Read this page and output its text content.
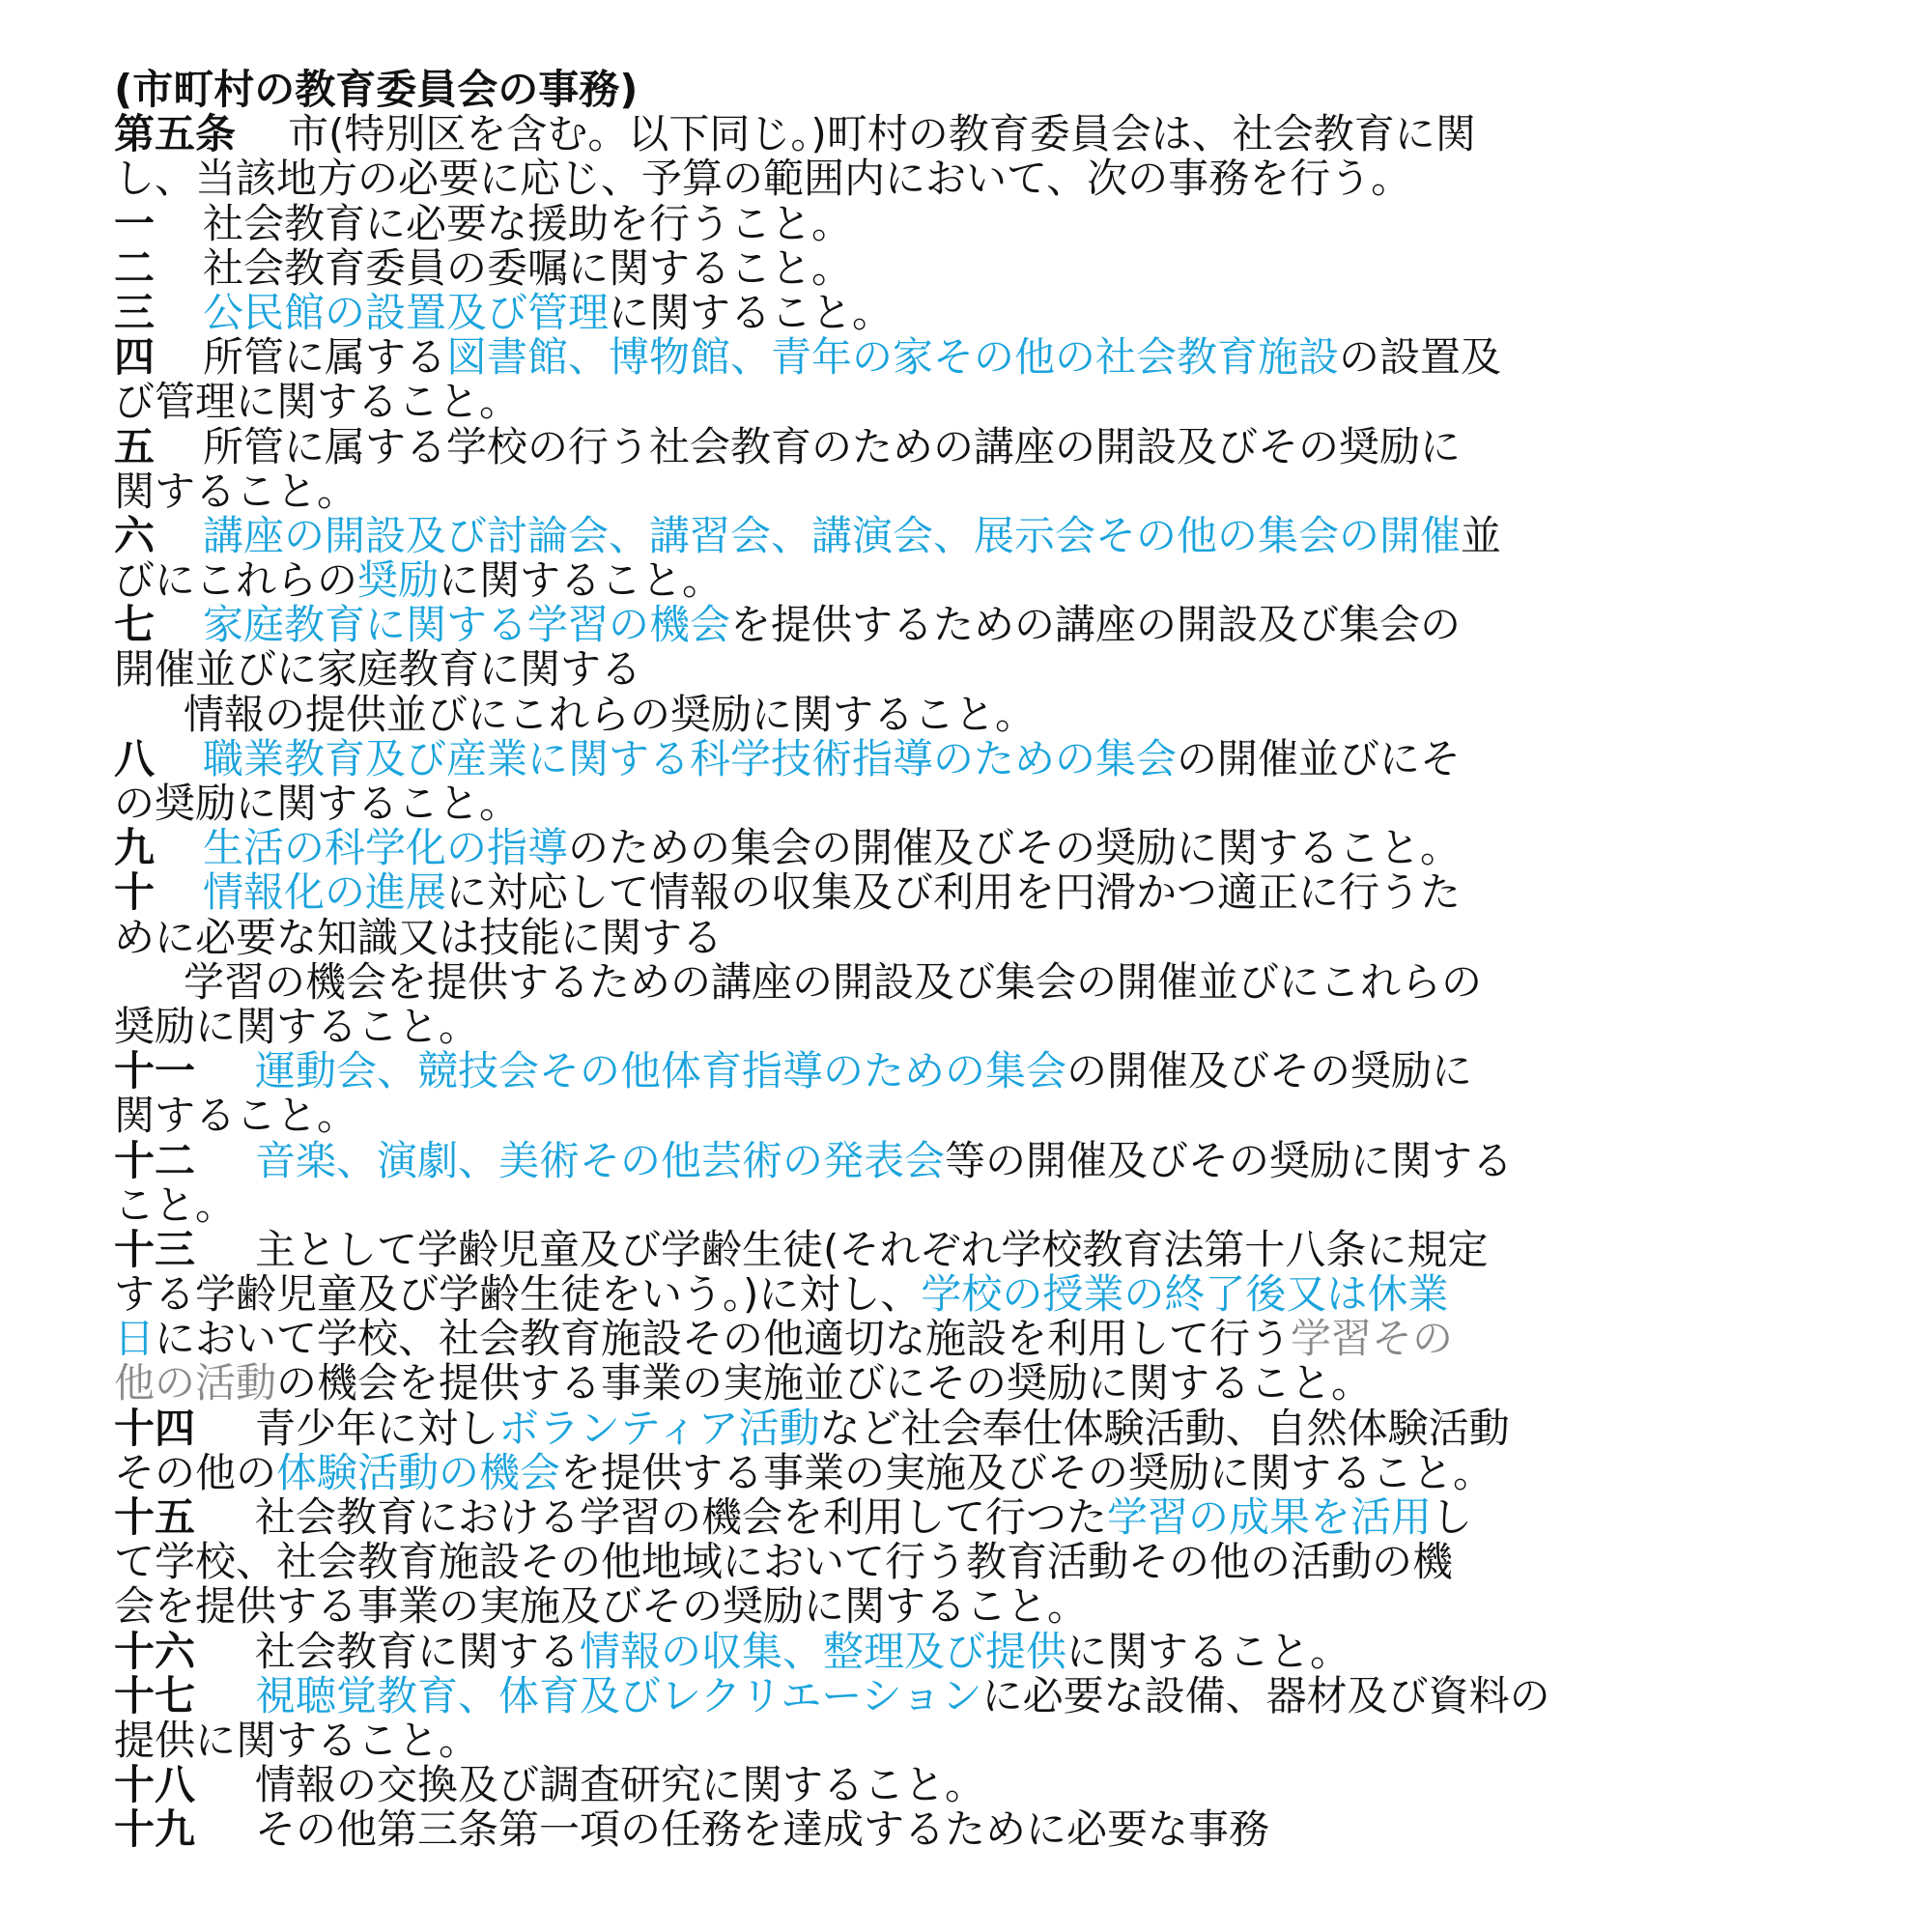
(市町村の教育委員会の事務)
第五条 市(特別区を含む。以下同じ。)町村の教育委員会は、社会教育に関
し、当該地方の必要に応じ、予算の範囲内において、次の事務を行う。
一 社会教育に必要な援助を行うこと。
二 社会教育委員の委嘱に関すること。
三 公民館の設置及び管理に関すること。
四 所管に属する図書館、博物館、青年の家その他の社会教育施設の設置及
び管理に関すること。
五 所管に属する学校の行う社会教育のための講座の開設及びその奨励に
関すること。
六 講座の開設及び討論会、講習会、講演会、展示会その他の集会の開催並
びにこれらの奨励に関すること。
七 家庭教育に関する学習の機会を提供するための講座の開設及び集会の
開催並びに家庭教育に関する
情報の提供並びにこれらの奨励に関すること。
八 職業教育及び産業に関する科学技術指導のための集会の開催並びにそ
の奨励に関すること。
九 生活の科学化の指導のための集会の開催及びその奨励に関すること。
十 情報化の進展に対応して情報の収集及び利用を円滑かつ適正に行うた
めに必要な知識又は技能に関する
学習の機会を提供するための講座の開設及び集会の開催並びにこれらの
奨励に関すること。
十一 運動会、競技会その他体育指導のための集会の開催及びその奨励に
関すること。
十二 音楽、演劇、美術その他芸術の発表会等の開催及びその奨励に関する
こと。
十三 主として学齢児童及び学齢生徒(それぞれ学校教育法第十八条に規定
する学齢児童及び学齢生徒をいう。)に対し、学校の授業の終了後又は休業
日において学校、社会教育施設その他適切な施設を利用して行う学習その
他の活動の機会を提供する事業の実施並びにその奨励に関すること。
十四 青少年に対しボランティア活動など社会奉仕体験活動、自然体験活動
その他の体験活動の機会を提供する事業の実施及びその奨励に関すること。
十五 社会教育における学習の機会を利用して行つた学習の成果を活用し
て学校、社会教育施設その他地域において行う教育活動その他の活動の機
会を提供する事業の実施及びその奨励に関すること。
十六 社会教育に関する情報の収集、整理及び提供に関すること。
十七 視聴覚教育、体育及びレクリエーションに必要な設備、器材及び資料の
提供に関すること。
十八 情報の交換及び調査研究に関すること。
十九 その他第三条第一項の任務を達成するために必要な事務
